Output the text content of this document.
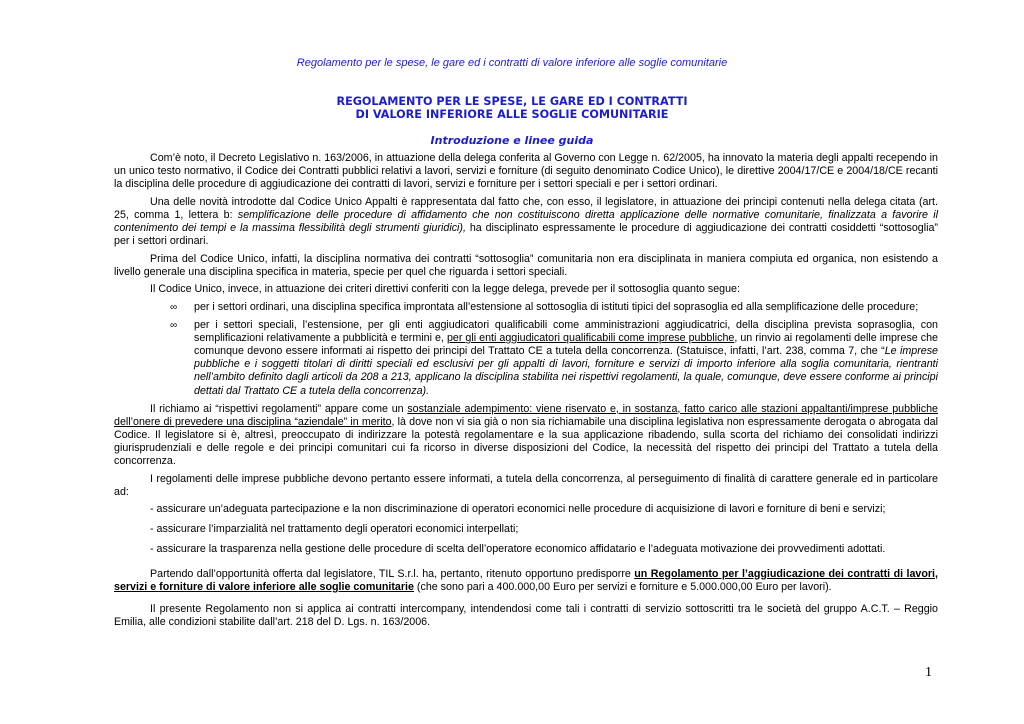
Regolamento per le spese, le gare ed i contratti di valore inferiore alle soglie comunitarie
REGOLAMENTO PER LE SPESE, LE GARE ED I CONTRATTI
DI VALORE INFERIORE ALLE SOGLIE COMUNITARIE
Introduzione e linee guida

Com’è noto, il Decreto Legislativo n. 163/2006, in attuazione della delega conferita al Governo con Legge n. 62/2005, ha innovato la materia degli appalti recependo in un unico testo normativo, il Codice dei Contratti pubblici relativi a lavori, servizi e forniture (di seguito denominato Codice Unico), le direttive 2004/17/CE e 2004/18/CE recanti la disciplina delle procedure di aggiudicazione dei contratti di lavori, servizi e forniture per i settori speciali e per i settori ordinari.

Una delle novità introdotte dal Codice Unico Appalti è rappresentata dal fatto che, con esso, il legislatore, in attuazione dei principi contenuti nella delega citata (art. 25, comma 1, lettera b: semplificazione delle procedure di affidamento che non costituiscono diretta applicazione delle normative comunitarie, finalizzata a favorire il contenimento dei tempi e la massima flessibilità degli strumenti giuridici), ha disciplinato espressamente le procedure di aggiudicazione dei contratti cosiddetti “sottosoglia” per i settori ordinari.

Prima del Codice Unico, infatti, la disciplina normativa dei contratti “sottosoglia” comunitaria non era disciplinata in maniera compiuta ed organica, non esistendo a livello generale una disciplina specifica in materia, specie per quel che riguarda i settori speciali.

Il Codice Unico, invece, in attuazione dei criteri direttivi conferiti con la legge delega, prevede per il sottosoglia quanto segue:

∞ per i settori ordinari, una disciplina specifica improntata all’estensione al sottosoglia di istituti tipici del soprasoglia ed alla semplificazione delle procedure;
∞ per i settori speciali, l’estensione, per gli enti aggiudicatori qualificabili come amministrazioni aggiudicatrici, della disciplina prevista soprasoglia, con semplificazioni relativamente a pubblicità e termini e, per gli enti aggiudicatori qualificabili come imprese pubbliche, un rinvio ai regolamenti delle imprese che comunque devono essere informati ai rispetto dei principi del Trattato CE a tutela della concorrenza. (Statuisce, infatti, l’art. 238, comma 7, che “Le imprese pubbliche e i soggetti titolari di diritti speciali ed esclusivi per gli appalti di lavori, forniture e servizi di importo inferiore alla soglia comunitaria, rientranti nell’ambito definito dagli articoli da 208 a 213, applicano la disciplina stabilita nei rispettivi regolamenti, la quale, comunque, deve essere conforme ai principi dettati dal Trattato CE a tutela della concorrenza).

Il richiamo ai “rispettivi regolamenti” appare come un sostanziale adempimento: viene riservato e, in sostanza, fatto carico alle stazioni appaltanti/imprese pubbliche dell’onere di prevedere una disciplina “aziendale” in merito, là dove non vi sia già o non sia richiamabile una disciplina legislativa non espressamente derogata o abrogata dal Codice. Il legislatore si è, altresì, preoccupato di indirizzare la potestà regolamentare e la sua applicazione ribadendo, sulla scorta del richiamo dei consolidati indirizzi giurisprudenziali e delle regole e dei principi comunitari cui fa ricorso in diverse disposizioni del Codice, la necessità del rispetto dei principi del Trattato a tutela della concorrenza.

I regolamenti delle imprese pubbliche devono pertanto essere informati, a tutela della concorrenza, al perseguimento di finalità di carattere generale ed in particolare ad:

- assicurare un’adeguata partecipazione e la non discriminazione di operatori economici nelle procedure di acquisizione di lavori e forniture di beni e servizi;

- assicurare l’imparzialità nel trattamento degli operatori economici interpellati;

- assicurare la trasparenza nella gestione delle procedure di scelta dell’operatore economico affidatario e l’adeguata motivazione dei provvedimenti adottati.

Partendo dall’opportunità offerta dal legislatore, TIL S.r.l. ha, pertanto, ritenuto opportuno predisporre un Regolamento per l’aggiudicazione dei contratti di lavori, servizi e forniture di valore inferiore alle soglie comunitarie (che sono pari a 400.000,00 Euro per servizi e forniture e 5.000.000,00 Euro per lavori).

Il presente Regolamento non si applica ai contratti intercompany, intendendosi come tali i contratti di servizio sottoscritti tra le società del gruppo A.C.T. – Reggio Emilia, alle condizioni stabilite dall’art. 218 del D. Lgs. n. 163/2006.

1
